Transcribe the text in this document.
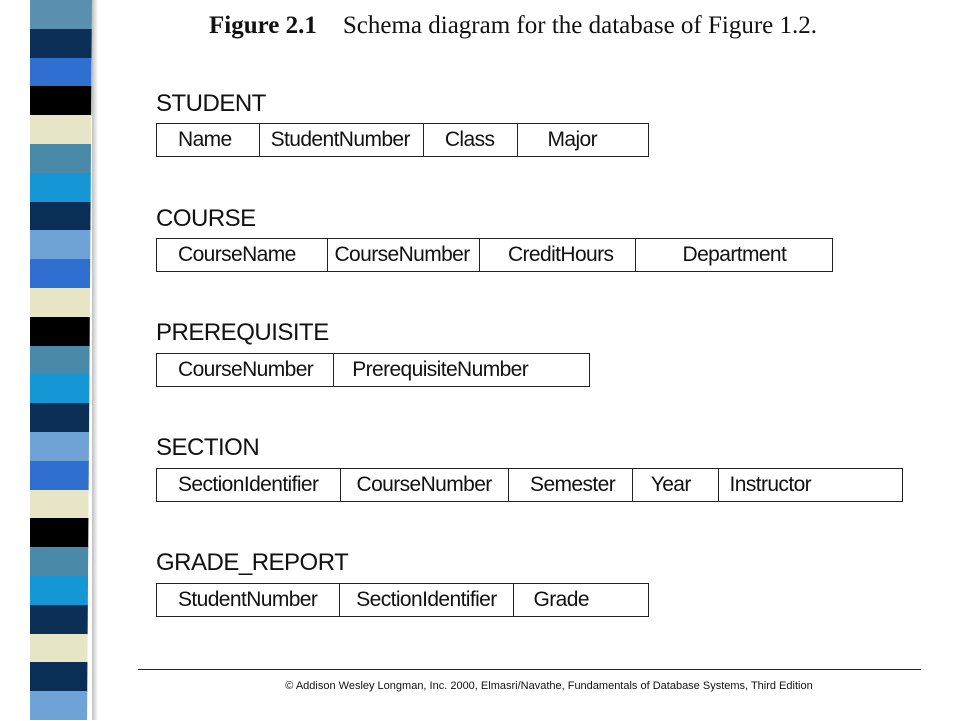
Figure 2.1 Schema diagram for the database of Figure 1.2.
STUDENT
Name	StudentNumber	Class	Major
COURSE
CourseName	CourseNumber	CreditHours	Department
PREREQUISITE
CourseNumber	PrerequisiteNumber
SECTION
SectionIdentifier	CourseNumber	Semester	Year	Instructor
GRADE_REPORT
StudentNumber	SectionIdentifier	Grade
© Addison Wesley Longman, Inc. 2000, Elmasri/Navathe, Fundamentals of Database Systems, Third Edition
